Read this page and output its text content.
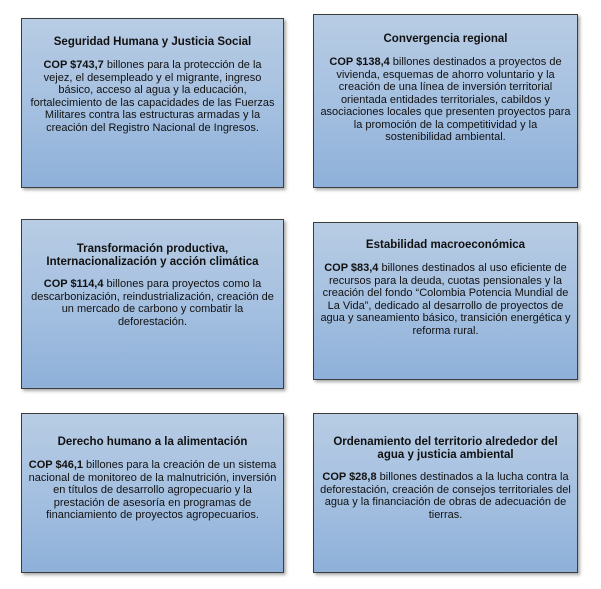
Seguridad Humana y Justicia Social

COP $743,7 billones para la protección de la vejez, el desempleado y el migrante, ingreso básico, acceso al agua y la educación, fortalecimiento de las capacidades de las Fuerzas Militares contra las estructuras armadas y la creación del Registro Nacional de Ingresos.

Convergencia regional

COP $138,4 billones destinados a proyectos de vivienda, esquemas de ahorro voluntario y la creación de una línea de inversión territorial orientada entidades territoriales, cabildos y asociaciones locales que presenten proyectos para la promoción de la competitividad y la sostenibilidad ambiental.

Transformación productiva, Internacionalización y acción climática

COP $114,4 billones para proyectos como la descarbonización, reindustrialización, creación de un mercado de carbono y combatir la deforestación.

Estabilidad macroeconómica

COP $83,4 billones destinados al uso eficiente de recursos para la deuda, cuotas pensionales y la creación del fondo “Colombia Potencia Mundial de La Vida”, dedicado al desarrollo de proyectos de agua y saneamiento básico, transición energética y reforma rural.

Derecho humano a la alimentación

COP $46,1 billones para la creación de un sistema nacional de monitoreo de la malnutrición, inversión en títulos de desarrollo agropecuario y la prestación de asesoría en programas de financiamiento de proyectos agropecuarios.

Ordenamiento del territorio alrededor del agua y justicia ambiental

COP $28,8 billones destinados a la lucha contra la deforestación, creación de consejos territoriales del agua y la financiación de obras de adecuación de tierras.
